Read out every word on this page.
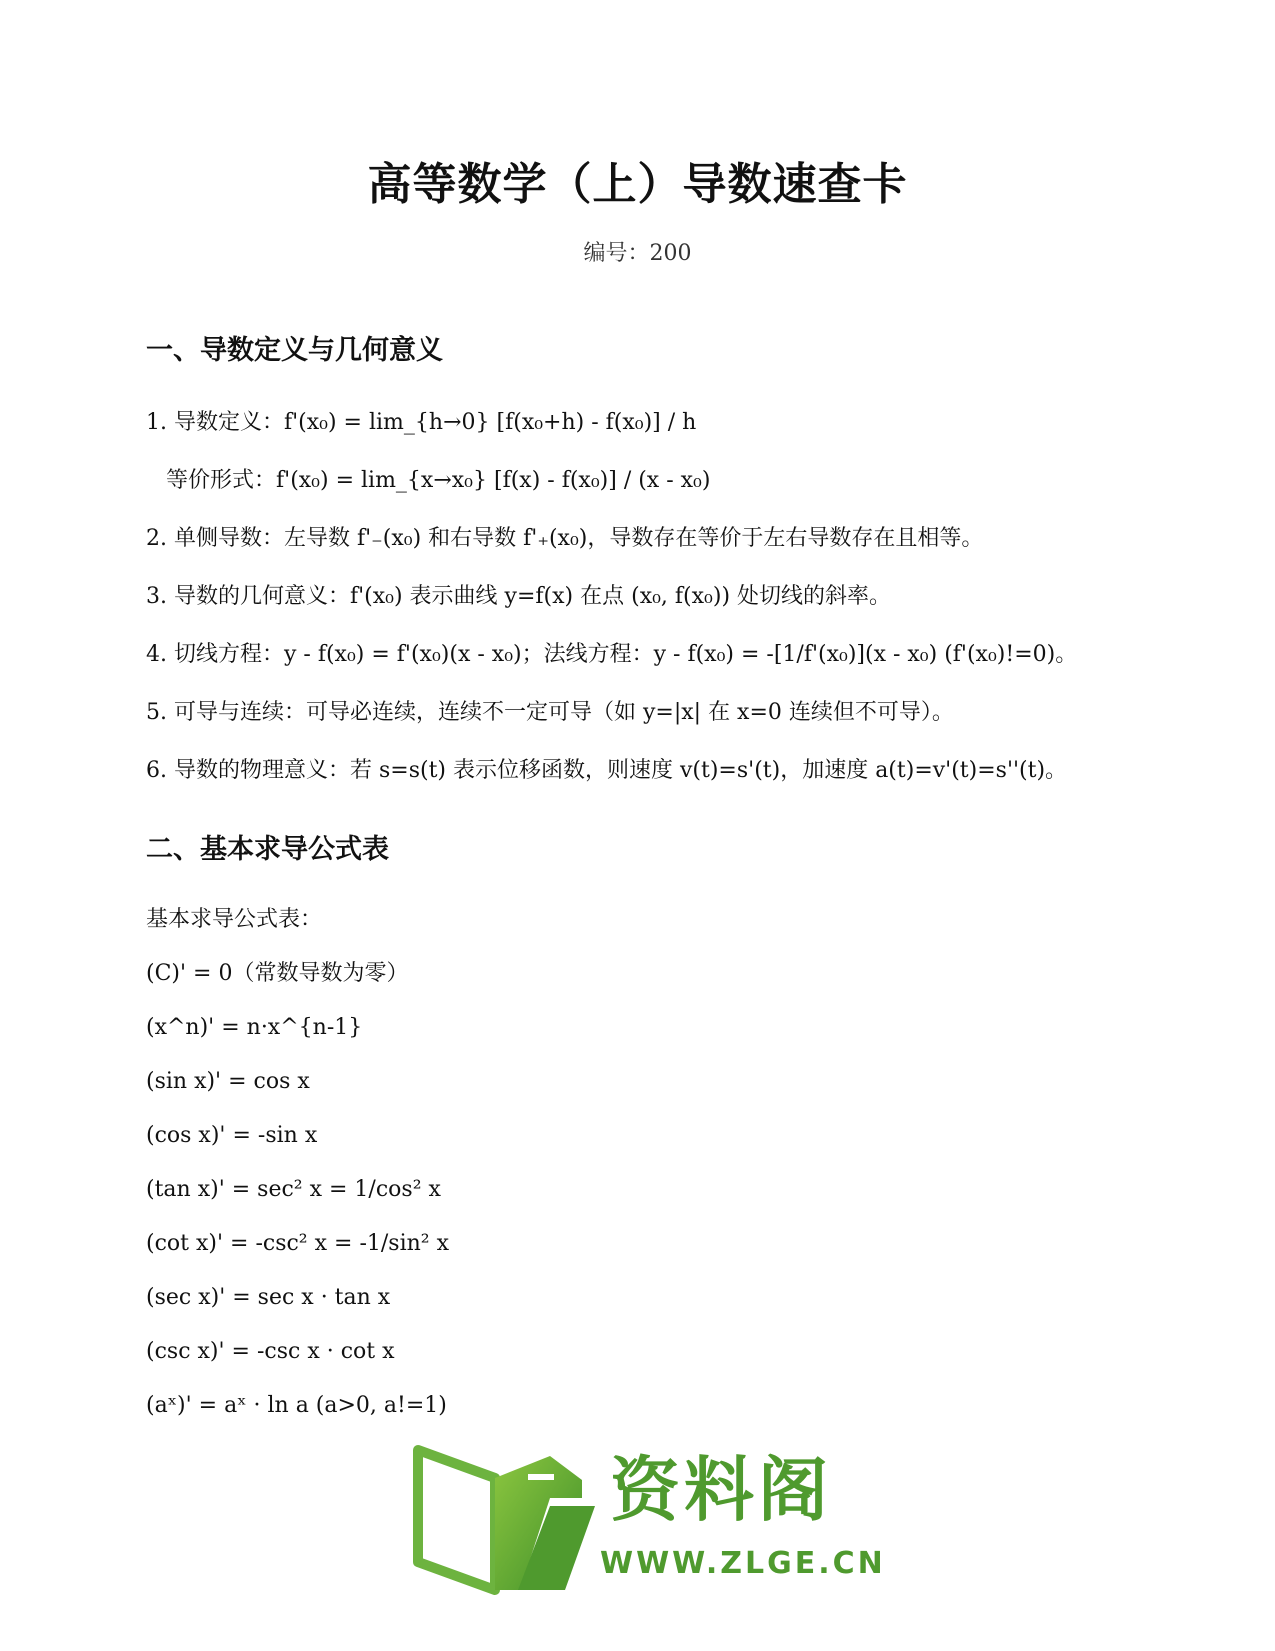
高等数学（上）导数速查卡
编号：200
一、导数定义与几何意义
1. 导数定义：f'(x₀) = lim_{h→0} [f(x₀+h) - f(x₀)] / h
等价形式：f'(x₀) = lim_{x→x₀} [f(x) - f(x₀)] / (x - x₀)
2. 单侧导数：左导数 f'₋(x₀) 和右导数 f'₊(x₀)，导数存在等价于左右导数存在且相等。
3. 导数的几何意义：f'(x₀) 表示曲线 y=f(x) 在点 (x₀, f(x₀)) 处切线的斜率。
4. 切线方程：y - f(x₀) = f'(x₀)(x - x₀)；法线方程：y - f(x₀) = -[1/f'(x₀)](x - x₀) (f'(x₀)!=0)。
5. 可导与连续：可导必连续，连续不一定可导（如 y=|x| 在 x=0 连续但不可导）。
6. 导数的物理意义：若 s=s(t) 表示位移函数，则速度 v(t)=s'(t)，加速度 a(t)=v'(t)=s''(t)。
二、基本求导公式表
基本求导公式表：
(C)' = 0（常数导数为零）
(x^n)' = n·x^{n-1}
(sin x)' = cos x
(cos x)' = -sin x
(tan x)' = sec² x = 1/cos² x
(cot x)' = -csc² x = -1/sin² x
(sec x)' = sec x · tan x
(csc x)' = -csc x · cot x
(aˣ)' = aˣ · ln a (a>0, a!=1)
资料阁
WWW.ZLGE.CN
